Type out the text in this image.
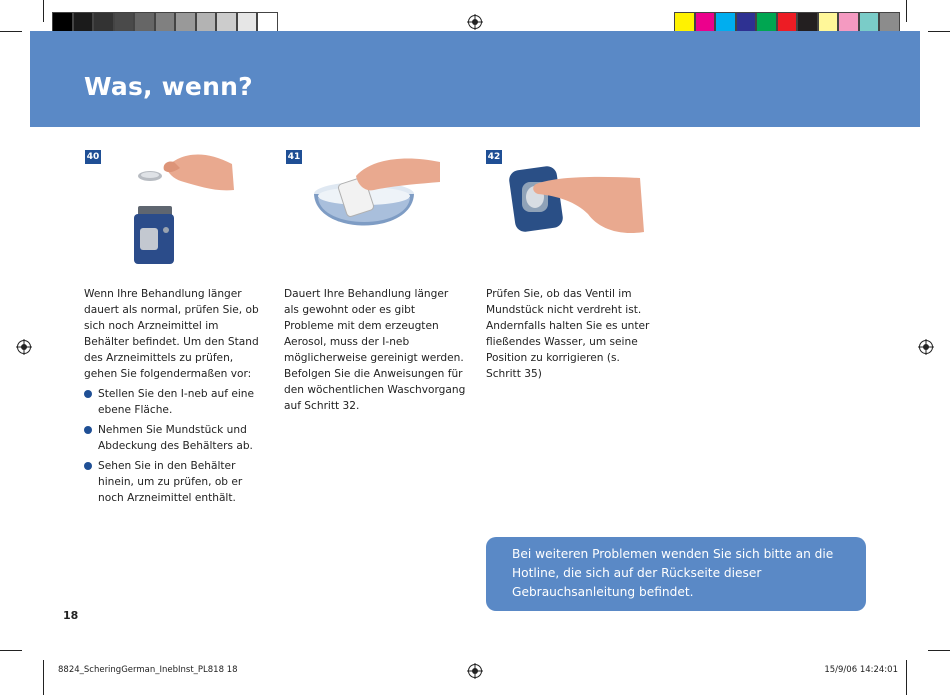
Was, wenn?
40

Wenn Ihre Behandlung länger dauert als normal, prüfen Sie, ob sich noch Arzneimittel im Behälter befindet. Um den Stand des Arzneimittels zu prüfen, gehen Sie folgendermaßen vor:

Stellen Sie den I-neb auf eine ebene Fläche.
Nehmen Sie Mundstück und Abdeckung des Behälters ab.
Sehen Sie in den Behälter hinein, um zu prüfen, ob er noch Arzneimittel enthält.
41

Dauert Ihre Behandlung länger als gewohnt oder es gibt Probleme mit dem erzeugten Aerosol, muss der I-neb möglicherweise gereinigt werden. Befolgen Sie die Anweisungen für den wöchentlichen Waschvorgang auf Schritt 32.

42

Prüfen Sie, ob das Ventil im Mundstück nicht verdreht ist. Andernfalls halten Sie es unter fließendes Wasser, um seine Position zu korrigieren (s. Schritt 35)

Bei weiteren Problemen wenden Sie sich bitte an die Hotline, die sich auf der Rückseite dieser Gebrauchsanleitung befindet.
18
8824_ScheringGerman_InebInst_PL818 18	15/9/06 14:24:01
